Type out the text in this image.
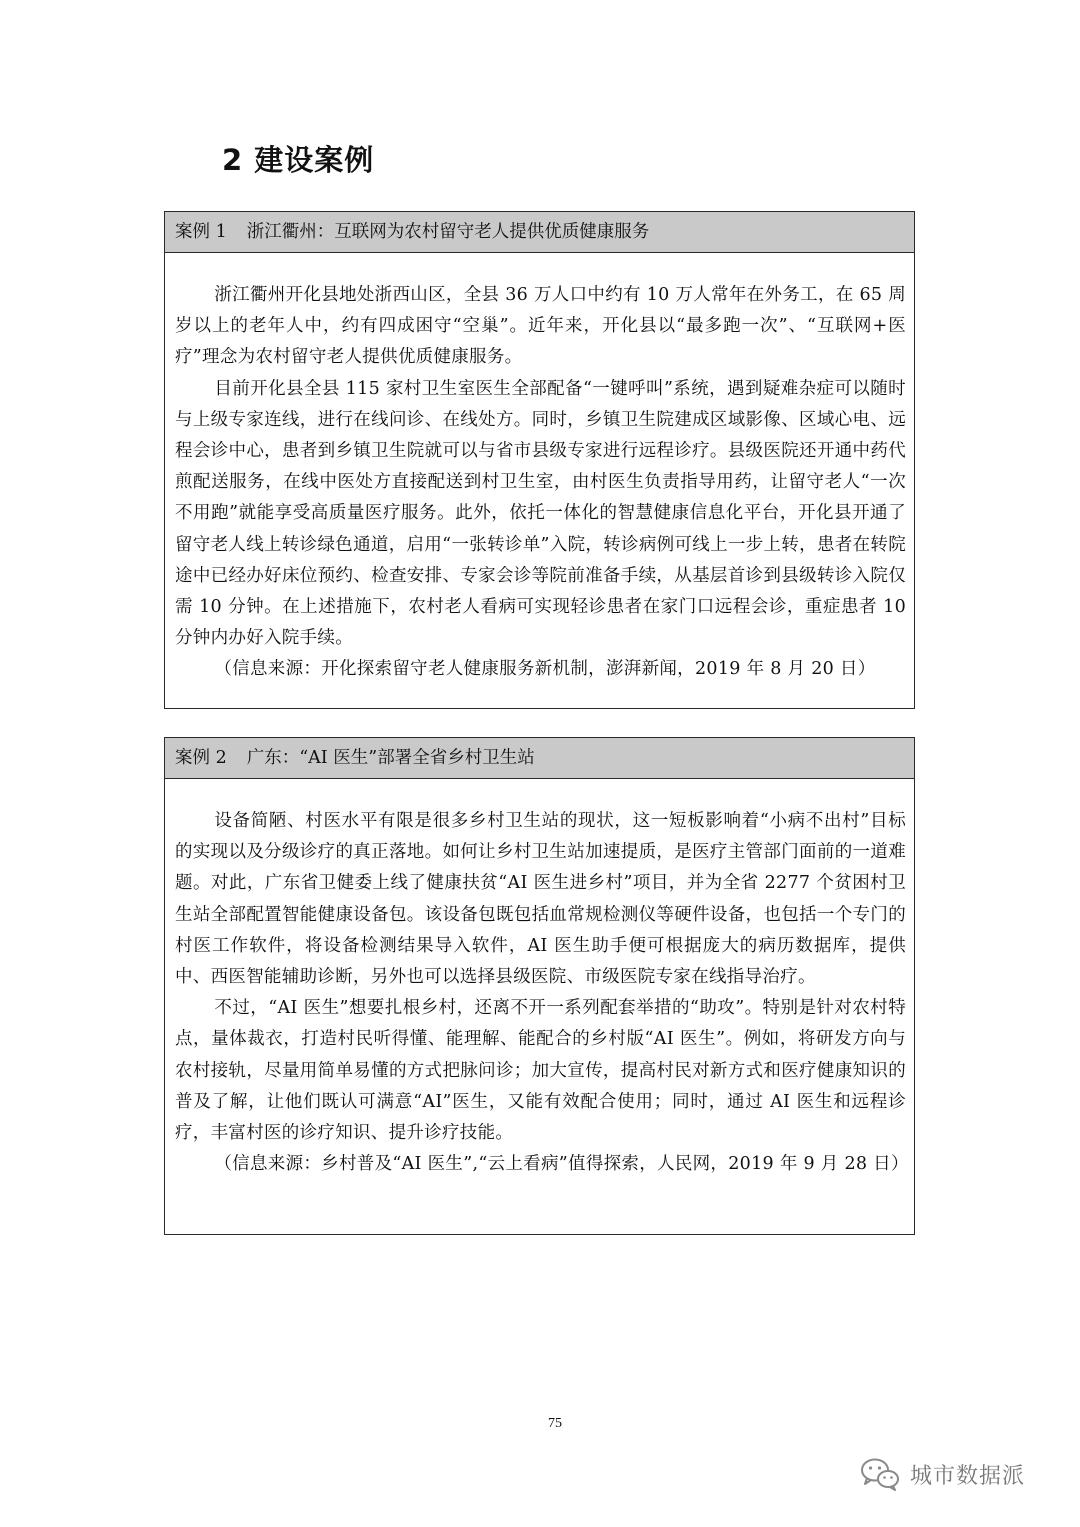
2 建设案例
案例 1 浙江衢州：互联网为农村留守老人提供优质健康服务

浙江衢州开化县地处浙西山区，全县 36 万人口中约有 10 万人常年在外务工，在 65 周岁以上的老年人中，约有四成困守“空巢”。近年来，开化县以“最多跑一次”、“互联网+医疗”理念为农村留守老人提供优质健康服务。

目前开化县全县 115 家村卫生室医生全部配备“一键呼叫”系统，遇到疑难杂症可以随时与上级专家连线，进行在线问诊、在线处方。同时，乡镇卫生院建成区域影像、区域心电、远程会诊中心，患者到乡镇卫生院就可以与省市县级专家进行远程诊疗。县级医院还开通中药代煎配送服务，在线中医处方直接配送到村卫生室，由村医生负责指导用药，让留守老人“一次不用跑”就能享受高质量医疗服务。此外，依托一体化的智慧健康信息化平台，开化县开通了留守老人线上转诊绿色通道，启用“一张转诊单”入院，转诊病例可线上一步上转，患者在转院途中已经办好床位预约、检查安排、专家会诊等院前准备手续，从基层首诊到县级转诊入院仅需 10 分钟。在上述措施下，农村老人看病可实现轻诊患者在家门口远程会诊，重症患者 10 分钟内办好入院手续。

（信息来源：开化探索留守老人健康服务新机制，澎湃新闻，2019 年 8 月 20 日）

案例 2 广东：“AI 医生”部署全省乡村卫生站

设备简陋、村医水平有限是很多乡村卫生站的现状，这一短板影响着“小病不出村”目标的实现以及分级诊疗的真正落地。如何让乡村卫生站加速提质，是医疗主管部门面前的一道难题。对此，广东省卫健委上线了健康扶贫“AI 医生进乡村”项目，并为全省 2277 个贫困村卫生站全部配置智能健康设备包。该设备包既包括血常规检测仪等硬件设备，也包括一个专门的村医工作软件，将设备检测结果导入软件，AI 医生助手便可根据庞大的病历数据库，提供中、西医智能辅助诊断，另外也可以选择县级医院、市级医院专家在线指导治疗。

不过，“AI 医生”想要扎根乡村，还离不开一系列配套举措的“助攻”。特别是针对农村特点，量体裁衣，打造村民听得懂、能理解、能配合的乡村版“AI 医生”。例如，将研发方向与农村接轨，尽量用简单易懂的方式把脉问诊；加大宣传，提高村民对新方式和医疗健康知识的普及了解，让他们既认可满意“AI”医生，又能有效配合使用；同时，通过 AI 医生和远程诊疗，丰富村医的诊疗知识、提升诊疗技能。

（信息来源：乡村普及“AI 医生”,“云上看病”值得探索，人民网，2019 年 9 月 28 日）

75
城市数据派
